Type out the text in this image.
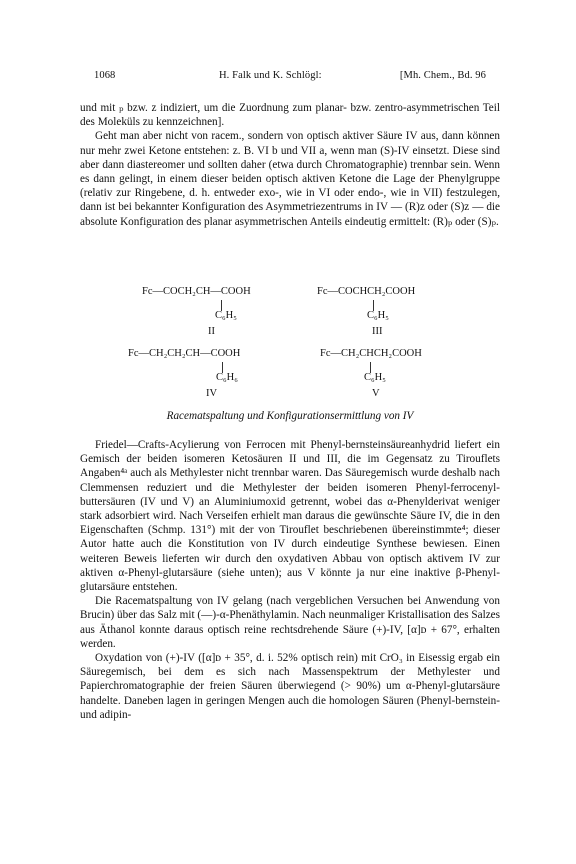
1068	H. Falk und K. Schlögl:	[Mh. Chem., Bd. 96

und mit ₚ bzw. ᴢ indiziert, um die Zuordnung zum planar- bzw. zentro-asymmetrischen Teil des Moleküls zu kennzeichnen].

Geht man aber nicht von racem., sondern von optisch aktiver Säure IV aus, dann können nur mehr zwei Ketone entstehen: z. B. VI b und VII a, wenn man (S)-IV einsetzt. Diese sind aber dann diastereomer und sollten daher (etwa durch Chromatographie) trennbar sein. Wenn es dann gelingt, in einem dieser beiden optisch aktiven Ketone die Lage der Phenylgruppe (relativ zur Ringebene, d. h. entweder exo-, wie in VI oder endo-, wie in VII) festzulegen, dann ist bei bekannter Konfiguration des Asymmetriezentrums in IV — (R)ᴢ oder (S)ᴢ — die absolute Konfiguration des planar asymmetrischen Anteils eindeutig ermittelt: (R)ₚ oder (S)ₚ.

Fc—COCH₂CH—COOH
C₆H₅
II
Fc—COCHCH₂COOH
C₆H₅
III
Fc—CH₂CH₂CH—COOH
C₆H₆
IV
Fc—CH₂CHCH₂COOH
C₆H₅
V
Racematspaltung und Konfigurationsermittlung von IV

Friedel—Crafts-Acylierung von Ferrocen mit Phenyl-bernsteinsäureanhydrid liefert ein Gemisch der beiden isomeren Ketosäuren II und III, die im Gegensatz zu Tirouflets Angaben⁴ᵃ auch als Methylester nicht trennbar waren. Das Säuregemisch wurde deshalb nach Clemmensen reduziert und die Methylester der beiden isomeren Phenyl-ferrocenyl-buttersäuren (IV und V) an Aluminiumoxid getrennt, wobei das α-Phenylderivat weniger stark adsorbiert wird. Nach Verseifen erhielt man daraus die gewünschte Säure IV, die in den Eigenschaften (Schmp. 131°) mit der von Tirouflet beschriebenen übereinstimmte⁴; dieser Autor hatte auch die Konstitution von IV durch eindeutige Synthese bewiesen. Einen weiteren Beweis lieferten wir durch den oxydativen Abbau von optisch aktivem IV zur aktiven α-Phenyl-glutarsäure (siehe unten); aus V könnte ja nur eine inaktive β-Phenyl-glutarsäure entstehen.

Die Racematspaltung von IV gelang (nach vergeblichen Versuchen bei Anwendung von Brucin) über das Salz mit (—)-α-Phenäthylamin. Nach neunmaliger Kristallisation des Salzes aus Äthanol konnte daraus optisch reine rechtsdrehende Säure (+)-IV, [α]ᴅ + 67°, erhalten werden.

Oxydation von (+)-IV ([α]ᴅ + 35°, d. i. 52% optisch rein) mit CrO₃ in Eisessig ergab ein Säuregemisch, bei dem es sich nach Massenspektrum der Methylester und Papierchromatographie der freien Säuren überwiegend (> 90%) um α-Phenyl-glutarsäure handelte. Daneben lagen in geringen Mengen auch die homologen Säuren (Phenyl-bernstein- und adipin-
